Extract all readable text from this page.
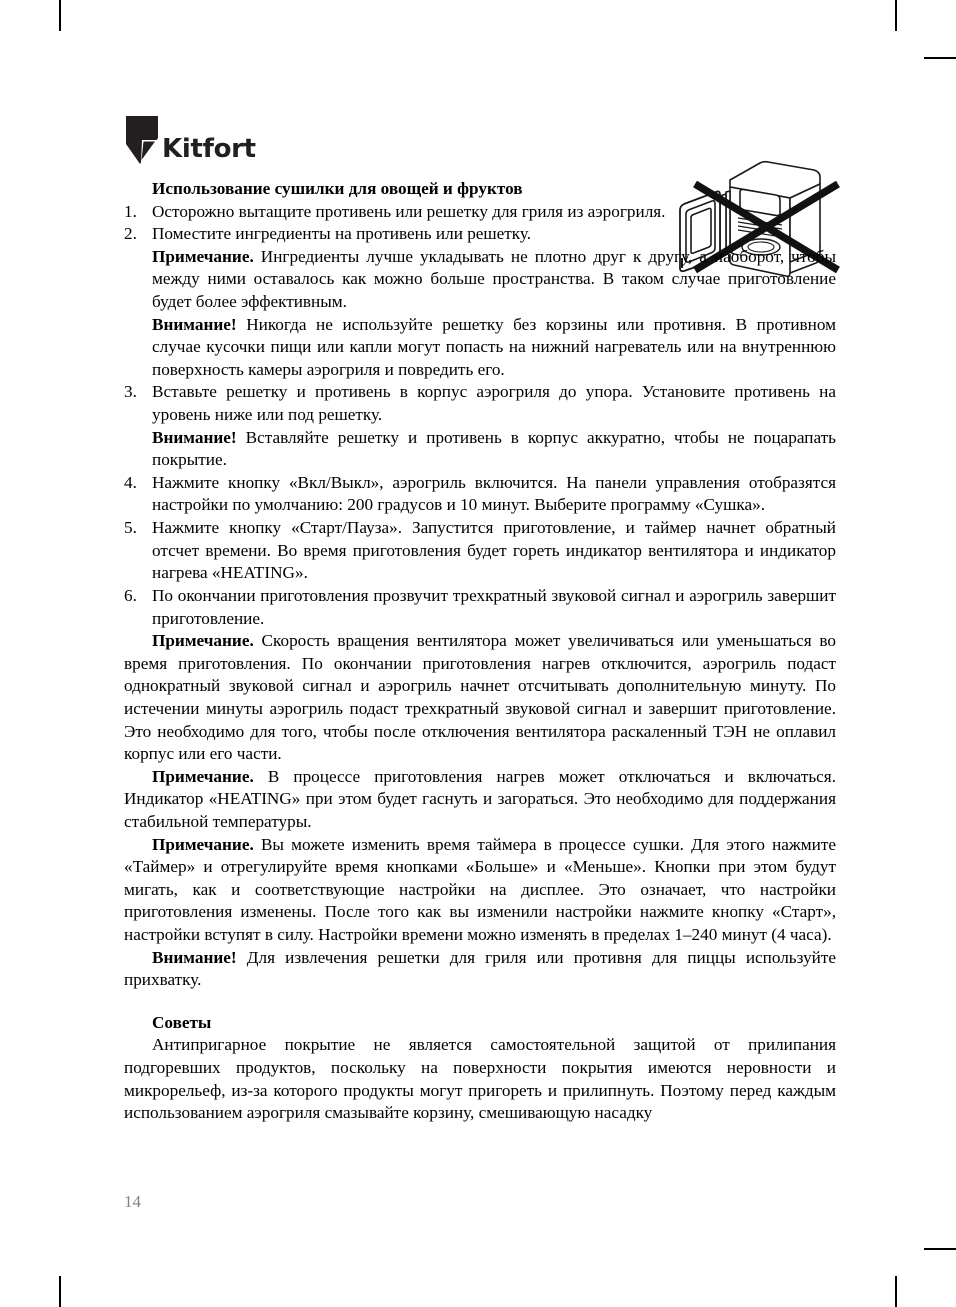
Kitfort
Использование сушилки для овощей и фруктов
1. Осторожно вытащите противень или решетку для гриля из аэрогриля.
2. Поместите ингредиенты на противень или решетку.
Примечание. Ингредиенты лучше укладывать не плотно друг к другу, а наоборот, чтобы между ними оставалось как можно больше пространства. В таком случае приготовление будет более эффективным.
Внимание! Никогда не используйте решетку без корзины или противня. В противном случае кусочки пищи или капли могут попасть на нижний нагреватель или на внутреннюю поверхность камеры аэрогриля и повредить его.
3. Вставьте решетку и противень в корпус аэрогриля до упора. Установите противень на уровень ниже или под решетку.
Внимание! Вставляйте решетку и противень в корпус аккуратно, чтобы не поцарапать покрытие.
4. Нажмите кнопку «Вкл/Выкл», аэрогриль включится. На панели управления отобразятся настройки по умолчанию: 200 градусов и 10 минут. Выберите программу «Сушка».
5. Нажмите кнопку «Старт/Пауза». Запустится приготовление, и таймер начнет обратный отсчет времени. Во время приготовления будет гореть индикатор вентилятора и индикатор нагрева «HEATING».
6. По окончании приготовления прозвучит трехкратный звуковой сигнал и аэрогриль завершит приготовление.

Примечание. Скорость вращения вентилятора может увеличиваться или уменьшаться во время приготовления. По окончании приготовления нагрев отключится, аэрогриль подаст однократный звуковой сигнал и аэрогриль начнет отсчитывать дополнительную минуту. По истечении минуты аэрогриль подаст трехкратный звуковой сигнал и завершит приготовление. Это необходимо для того, чтобы после отключения вентилятора раскаленный ТЭН не оплавил корпус или его части.

Примечание. В процессе приготовления нагрев может отключаться и включаться. Индикатор «HEATING» при этом будет гаснуть и загораться. Это необходимо для поддержания стабильной температуры.

Примечание. Вы можете изменить время таймера в процессе сушки. Для этого нажмите «Таймер» и отрегулируйте время кнопками «Больше» и «Меньше». Кнопки при этом будут мигать, как и соответствующие настройки на дисплее. Это означает, что настройки приготовления изменены. После того как вы изменили настройки нажмите кнопку «Старт», настройки вступят в силу. Настройки времени можно изменять в пределах 1–240 минут (4 часа).

Внимание! Для извлечения решетки для гриля или противня для пиццы используйте прихватку.

Советы

Антипригарное покрытие не является самостоятельной защитой от прилипания подгоревших продуктов, поскольку на поверхности покрытия имеются неровности и микрорельеф, из-за которого продукты могут пригореть и прилипнуть. Поэтому перед каждым использованием аэрогриля смазывайте корзину, смешивающую насадку

14
